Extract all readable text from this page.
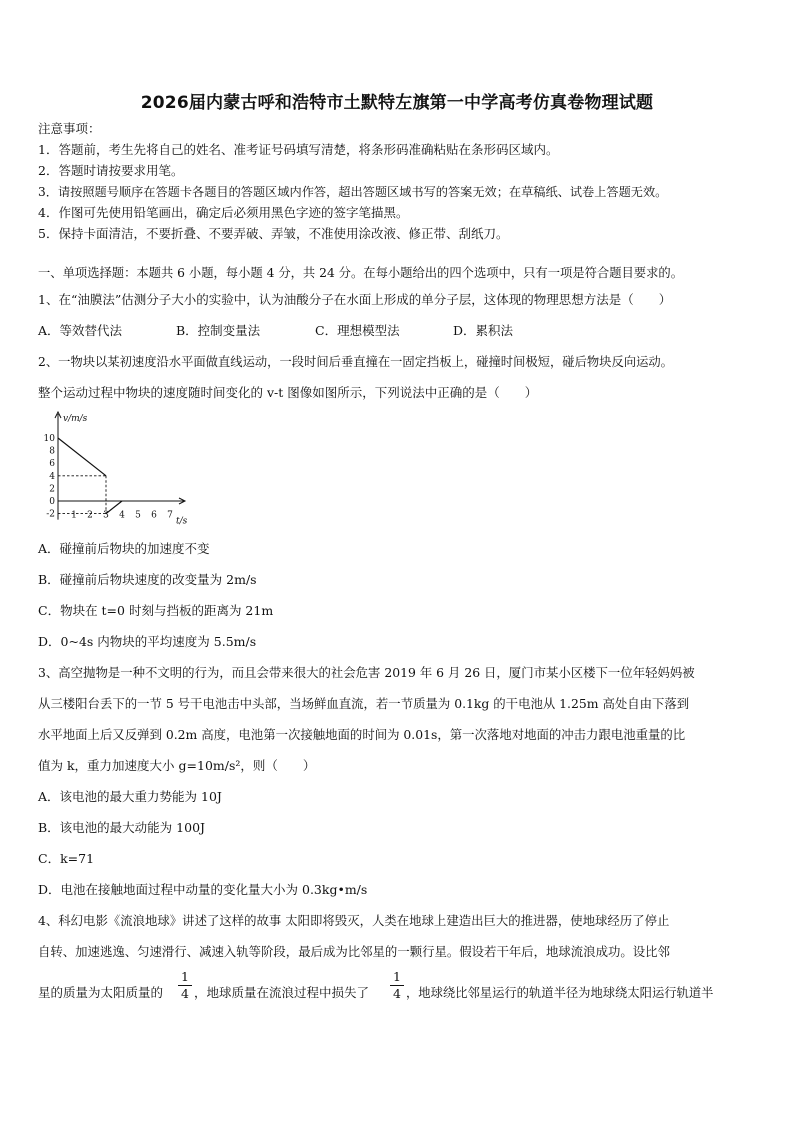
2026届内蒙古呼和浩特市土默特左旗第一中学高考仿真卷物理试题
注意事项：
1．答题前，考生先将自己的姓名、准考证号码填写清楚，将条形码准确粘贴在条形码区域内。
2．答题时请按要求用笔。
3．请按照题号顺序在答题卡各题目的答题区域内作答，超出答题区域书写的答案无效；在草稿纸、试卷上答题无效。
4．作图可先使用铅笔画出，确定后必须用黑色字迹的签字笔描黑。
5．保持卡面清洁，不要折叠、不要弄破、弄皱，不准使用涂改液、修正带、刮纸刀。
一、单项选择题：本题共 6 小题，每小题 4 分，共 24 分。在每小题给出的四个选项中，只有一项是符合题目要求的。
1、在“油膜法”估测分子大小的实验中，认为油酸分子在水面上形成的单分子层，这体现的物理思想方法是（　　）
A．等效替代法	B．控制变量法	C．理想模型法	D．累积法
2、一物块以某初速度沿水平面做直线运动，一段时间后垂直撞在一固定挡板上，碰撞时间极短，碰后物块反向运动。
整个运动过程中物块的速度随时间变化的 v-t 图像如图所示，下列说法中正确的是（　　）
v/m/s
t/s
10
8
6
4
2
0
-2 1 2 3 4 5 6 7
A．碰撞前后物块的加速度不变
B．碰撞前后物块速度的改变量为 2m/s
C．物块在 t=0 时刻与挡板的距离为 21m
D．0~4s 内物块的平均速度为 5.5m/s
3、高空抛物是一种不文明的行为，而且会带来很大的社会危害 2019 年 6 月 26 日，厦门市某小区楼下一位年轻妈妈被
从三楼阳台丢下的一节 5 号干电池击中头部，当场鲜血直流，若一节质量为 0.1kg 的干电池从 1.25m 高处自由下落到
水平地面上后又反弹到 0.2m 高度，电池第一次接触地面的时间为 0.01s，第一次落地对地面的冲击力跟电池重量的比
值为 k，重力加速度大小 g=10m/s²，则（　　）
A．该电池的最大重力势能为 10J
B．该电池的最大动能为 100J
C．k=71
D．电池在接触地面过程中动量的变化量大小为 0.3kg•m/s
4、科幻电影《流浪地球》讲述了这样的故事 太阳即将毁灭，人类在地球上建造出巨大的推进器，使地球经历了停止
自转、加速逃逸、匀速滑行、减速入轨等阶段，最后成为比邻星的一颗行星。假设若干年后，地球流浪成功。设比邻
星的质量为太阳质量的 $\frac{1}{4}$ ，地球质量在流浪过程中损失了 $\frac{1}{4}$ ，地球绕比邻星运行的轨道半径为地球绕太阳运行轨道半
